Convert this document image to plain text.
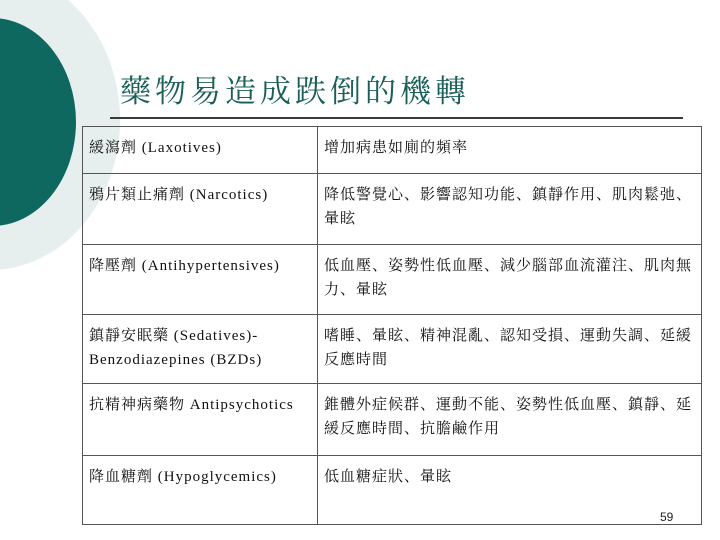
藥物易造成跌倒的機轉
緩瀉劑 (Laxotives)	增加病患如廁的頻率
鴉片類止痛劑 (Narcotics)	降低警覺心、影響認知功能、鎮靜作用、肌肉鬆弛、暈眩
降壓劑 (Antihypertensives)	低血壓、姿勢性低血壓、減少腦部血流灌注、肌肉無力、暈眩
鎮靜安眠藥 (Sedatives)-Benzodiazepines (BZDs)	嗜睡、暈眩、精神混亂、認知受損、運動失調、延緩反應時間
抗精神病藥物 Antipsychotics	錐體外症候群、運動不能、姿勢性低血壓、鎮靜、延緩反應時間、抗膽鹼作用
降血糖劑 (Hypoglycemics)	低血糖症狀、暈眩
59
